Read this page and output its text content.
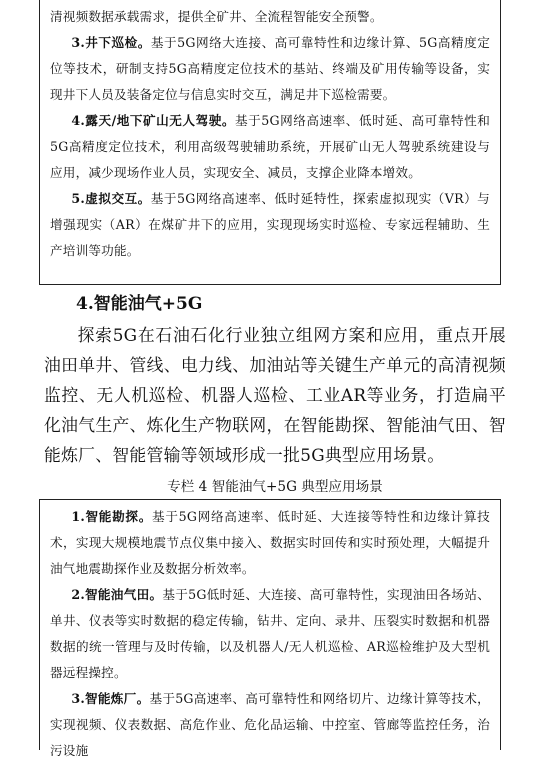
清视频数据承载需求，提供全矿井、全流程智能安全预警。

3.井下巡检。基于5G网络大连接、高可靠特性和边缘计算、5G高精度定位等技术，研制支持5G高精度定位技术的基站、终端及矿用传输等设备，实现井下人员及装备定位与信息实时交互，满足井下巡检需要。

4.露天/地下矿山无人驾驶。基于5G网络高速率、低时延、高可靠特性和5G高精度定位技术，利用高级驾驶辅助系统，开展矿山无人驾驶系统建设与应用，减少现场作业人员，实现安全、减员，支撑企业降本增效。

5.虚拟交互。基于5G网络高速率、低时延特性，探索虚拟现实（VR）与增强现实（AR）在煤矿井下的应用，实现现场实时巡检、专家远程辅助、生产培训等功能。

4.智能油气+5G

探索5G在石油石化行业独立组网方案和应用，重点开展油田单井、管线、电力线、加油站等关键生产单元的高清视频监控、无人机巡检、机器人巡检、工业AR等业务，打造扁平化油气生产、炼化生产物联网，在智能勘探、智能油气田、智能炼厂、智能管输等领域形成一批5G典型应用场景。

专栏 4 智能油气+5G 典型应用场景

1.智能勘探。基于5G网络高速率、低时延、大连接等特性和边缘计算技术，实现大规模地震节点仪集中接入、数据实时回传和实时预处理，大幅提升油气地震勘探作业及数据分析效率。

2.智能油气田。基于5G低时延、大连接、高可靠特性，实现油田各场站、单井、仪表等实时数据的稳定传输，钻井、定向、录井、压裂实时数据和机器数据的统一管理与及时传输，以及机器人/无人机巡检、AR巡检维护及大型机器远程操控。

3.智能炼厂。基于5G高速率、高可靠特性和网络切片、边缘计算等技术，实现视频、仪表数据、高危作业、危化品运输、中控室、管廊等监控任务，治污设施
